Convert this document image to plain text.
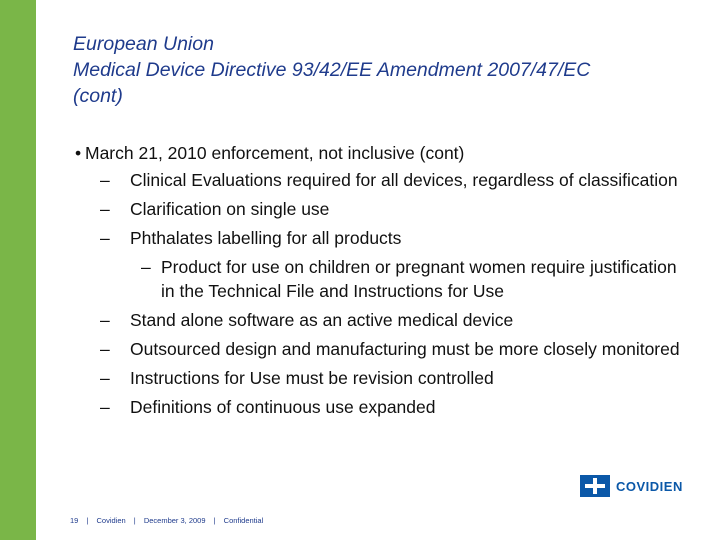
European Union
Medical Device Directive 93/42/EE Amendment 2007/47/EC
(cont)
• March 21, 2010 enforcement, not inclusive (cont)
– Clinical Evaluations required for all devices, regardless of classification
– Clarification on single use
– Phthalates labelling for all products
– Product for use on children or pregnant women require justification in the Technical File and Instructions for Use
– Stand alone software as an active medical device
– Outsourced design and manufacturing must be more closely monitored
– Instructions for Use must be revision controlled
– Definitions of continuous use expanded
COVIDIEN
19 | Covidien | December 3, 2009 | Confidential
